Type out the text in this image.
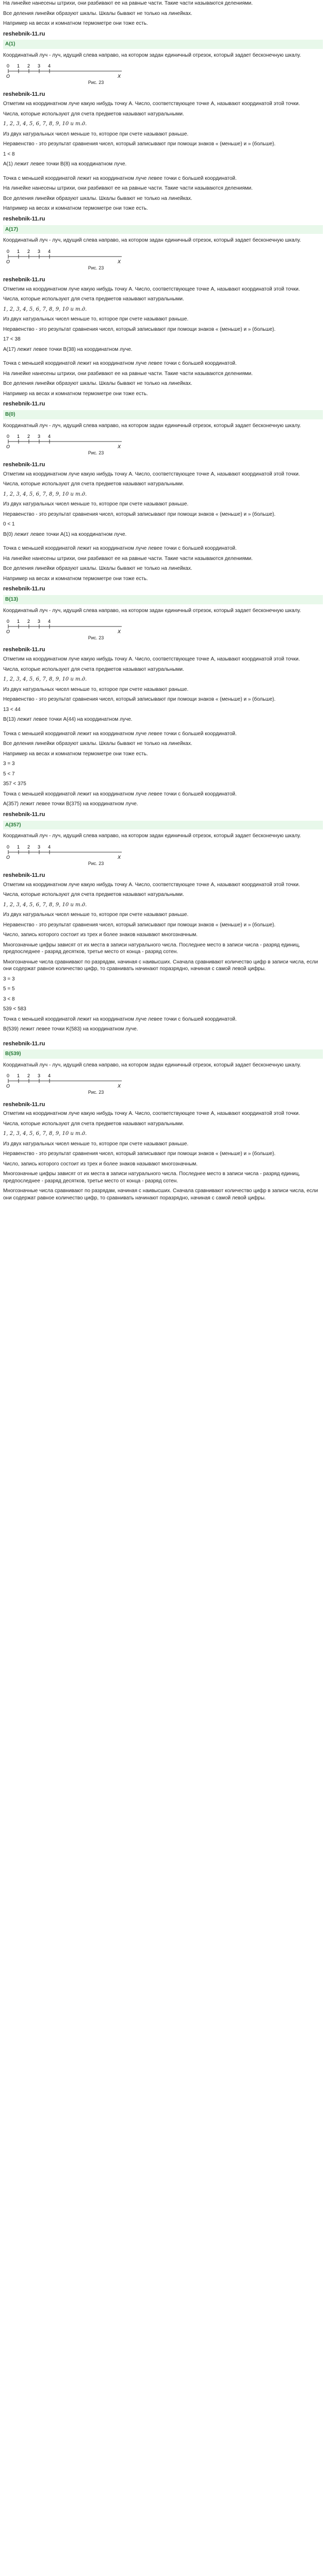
На линейке нанесены штрихи, они разбивают ее на равные части. Такие части называются делениями.
Все деления линейки образуют шкалы. Шкалы бывают не только на линейках.
Например на весах и комнатном термометре они тоже есть.
reshebnik-11.ru
A(1)
Координатный луч - луч, идущий слева направо, на котором задан единичный отрезок, который задает бесконечную шкалу.
0 1 2 3 4
O	X
Рис. 23
reshebnik-11.ru
Отметим на координатном луче какую нибудь точку A. Число, соответствующее точке A, называют координатой этой точки.
Числа, которые используют для счета предметов называют натуральными.
1, 2, 3, 4, 5, 6, 7, 8, 9, 10 и т.д.
Из двух натуральных чисел меньше то, которое при счете называют раньше.
Неравенство - это результат сравнения чисел, который записывают при помощи знаков « (меньше) и » (больше).
1 < 8
A(1) лежит левее точки B(8) на координатном луче.
Точка с меньшей координатой лежит на координатном луче левее точки с большей координатой.
На линейке нанесены штрихи, они разбивают ее на равные части. Такие части называются делениями.
Все деления линейки образуют шкалы. Шкалы бывают не только на линейках.
Например на весах и комнатном термометре они тоже есть.
reshebnik-11.ru
A(17)
Координатный луч - луч, идущий слева направо, на котором задан единичный отрезок, который задает бесконечную шкалу.
0 1 2 3 4
O	X
Рис. 23
reshebnik-11.ru
Отметим на координатном луче какую нибудь точку A. Число, соответствующее точке A, называют координатой этой точки.
Числа, которые используют для счета предметов называют натуральными.
1, 2, 3, 4, 5, 6, 7, 8, 9, 10 и т.д.
Из двух натуральных чисел меньше то, которое при счете называют раньше.
Неравенство - это результат сравнения чисел, который записывают при помощи знаков « (меньше) и » (больше).
17 < 38
A(17) лежит левее точки B(38) на координатном луче.
Точка с меньшей координатой лежит на координатном луче левее точки с большей координатой.
На линейке нанесены штрихи, они разбивают ее на равные части. Такие части называются делениями.
Все деления линейки образуют шкалы. Шкалы бывают не только на линейках.
Например на весах и комнатном термометре они тоже есть.
reshebnik-11.ru
B(0)
Координатный луч - луч, идущий слева направо, на котором задан единичный отрезок, который задает бесконечную шкалу.
0 1 2 3 4
O	X
Рис. 23
reshebnik-11.ru
Отметим на координатном луче какую нибудь точку A. Число, соответствующее точке A, называют координатой этой точки.
Числа, которые используют для счета предметов называют натуральными.
1, 2, 3, 4, 5, 6, 7, 8, 9, 10 и т.д.
Из двух натуральных чисел меньше то, которое при счете называют раньше.
Неравенство - это результат сравнения чисел, который записывают при помощи знаков « (меньше) и » (больше).
0 < 1
B(0) лежит левее точки A(1) на координатном луче.
Точка с меньшей координатой лежит на координатном луче левее точки с большей координатой.
На линейке нанесены штрихи, они разбивают ее на равные части. Такие части называются делениями.
Все деления линейки образуют шкалы. Шкалы бывают не только на линейках.
Например на весах и комнатном термометре они тоже есть.
reshebnik-11.ru
B(13)
Координатный луч - луч, идущий слева направо, на котором задан единичный отрезок, который задает бесконечную шкалу.
0 1 2 3 4
O	X
Рис. 23
reshebnik-11.ru
Отметим на координатном луче какую нибудь точку A. Число, соответствующее точке A, называют координатой этой точки.
Числа, которые используют для счета предметов называют натуральными.
1, 2, 3, 4, 5, 6, 7, 8, 9, 10 и т.д.
Из двух натуральных чисел меньше то, которое при счете называют раньше.
Неравенство - это результат сравнения чисел, который записывают при помощи знаков « (меньше) и » (больше).
13 < 44
B(13) лежит левее точки A(44) на координатном луче.
Точка с меньшей координатой лежит на координатном луче левее точки с большей координатой.
Все деления линейки образуют шкалы. Шкалы бывают не только на линейках.
Например на весах и комнатном термометре они тоже есть.
3 = 3
5 < 7
357 < 375
Точка с меньшей координатой лежит на координатном луче левее точки с большей координатой.
A(357) лежит левее точки B(375) на координатном луче.
reshebnik-11.ru
A(357)
Координатный луч - луч, идущий слева направо, на котором задан единичный отрезок, который задает бесконечную шкалу.
0 1 2 3 4
O	X
Рис. 23
reshebnik-11.ru
Отметим на координатном луче какую нибудь точку A. Число, соответствующее точке A, называют координатой этой точки.
Числа, которые используют для счета предметов называют натуральными.
1, 2, 3, 4, 5, 6, 7, 8, 9, 10 и т.д.
Из двух натуральных чисел меньше то, которое при счете называют раньше.
Неравенство - это результат сравнения чисел, который записывают при помощи знаков « (меньше) и » (больше).
Число, запись которого состоит из трех и более знаков называют многозначным.
Многозначные цифры зависят от их места в записи натурального числа. Последнее место в записи числа - разряд единиц, предпоследнее - разряд десятков, третье место от конца - разряд сотен.
Многозначные числа сравнивают по разрядам, начиная с наивысших. Сначала сравнивают количество цифр в записи числа, если они содержат равное количество цифр, то сравнивать начинают поразрядно, начиная с самой левой цифры.
3 = 3
5 = 5
3 < 8
539 < 583
Точка с меньшей координатой лежит на координатном луче левее точки с большей координатой.
B(539) лежит левее точки K(583) на координатном луче.
reshebnik-11.ru
B(539)
Координатный луч - луч, идущий слева направо, на котором задан единичный отрезок, который задает бесконечную шкалу.
0 1 2 3 4
O	X
Рис. 23
reshebnik-11.ru
Отметим на координатном луче какую нибудь точку A. Число, соответствующее точке A, называют координатой этой точки.
Числа, которые используют для счета предметов называют натуральными.
1, 2, 3, 4, 5, 6, 7, 8, 9, 10 и т.д.
Из двух натуральных чисел меньше то, которое при счете называют раньше.
Неравенство - это результат сравнения чисел, который записывают при помощи знаков « (меньше) и » (больше).
Число, запись которого состоит из трех и более знаков называют многозначным.
Многозначные цифры зависят от их места в записи натурального числа. Последнее место в записи числа - разряд единиц, предпоследнее - разряд десятков, третье место от конца - разряд сотен.
Многозначные числа сравнивают по разрядам, начиная с наивысших. Сначала сравнивают количество цифр в записи числа, если они содержат равное количество цифр, то сравнивать начинают поразрядно, начиная с самой левой цифры.
